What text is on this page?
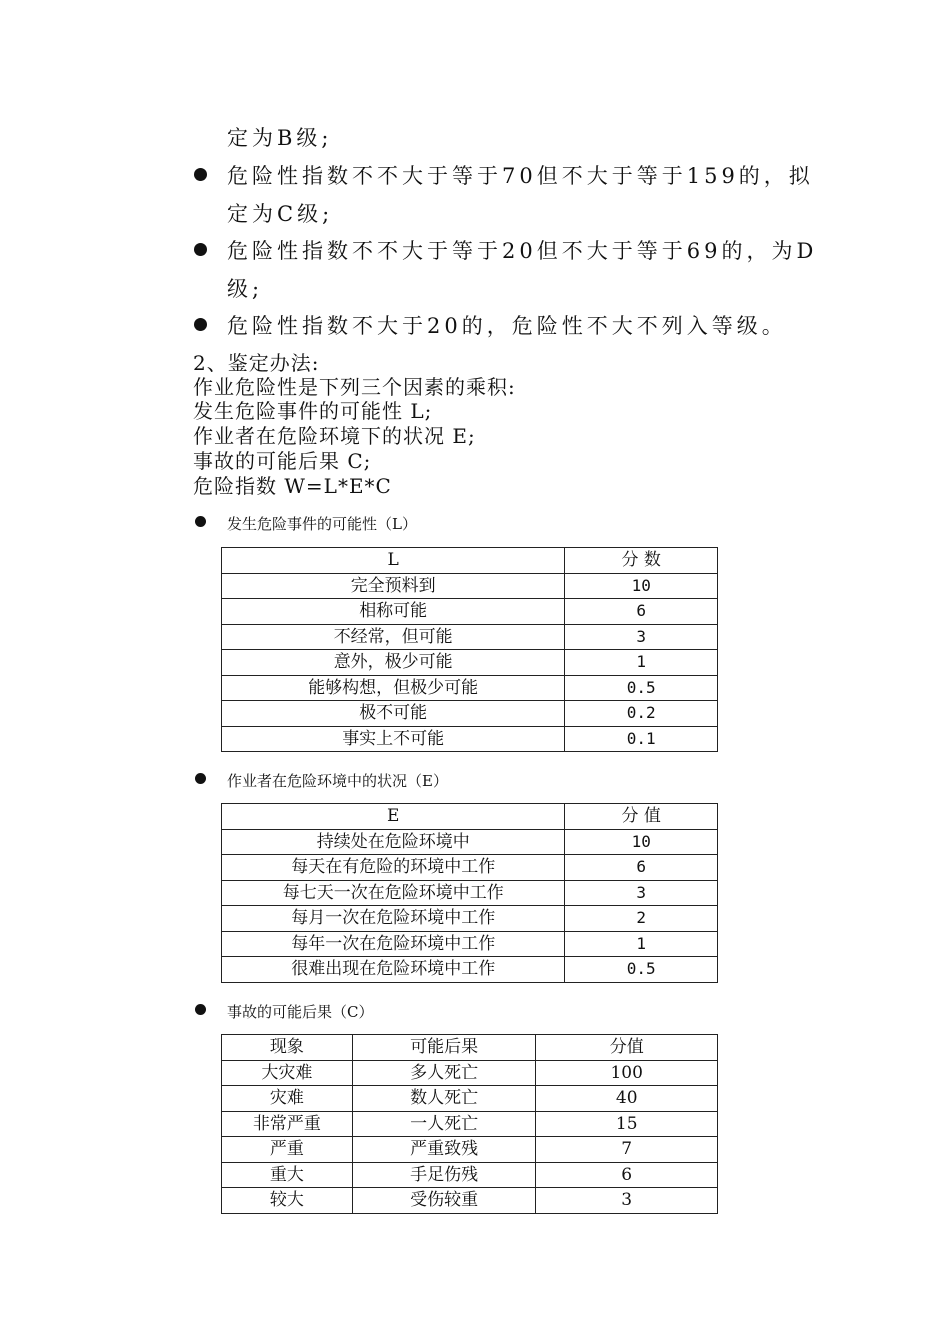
定为B级;
危险性指数不不大于等于70但不大于等于159的，拟
定为C级;
危险性指数不不大于等于20但不大于等于69的，为D
级;
危险性指数不大于20的，危险性不大不列入等级。
2、鉴定办法:
作业危险性是下列三个因素的乘积:
发生危险事件的可能性 L;
作业者在危险环境下的状况 E;
事故的可能后果 C;
危险指数 W=L*E*C
发生危险事件的可能性（L）
L	分 数
完全预料到	10
相称可能	6
不经常，但可能	3
意外，极少可能	1
能够构想，但极少可能	0.5
极不可能	0.2
事实上不可能	0.1
作业者在危险环境中的状况（E）
E	分 值
持续处在危险环境中	10
每天在有危险的环境中工作	6
每七天一次在危险环境中工作	3
每月一次在危险环境中工作	2
每年一次在危险环境中工作	1
很难出现在危险环境中工作	0.5
事故的可能后果（C）
现象	可能后果	分值
大灾难	多人死亡	100
灾难	数人死亡	40
非常严重	一人死亡	15
严重	严重致残	7
重大	手足伤残	6
较大	受伤较重	3
